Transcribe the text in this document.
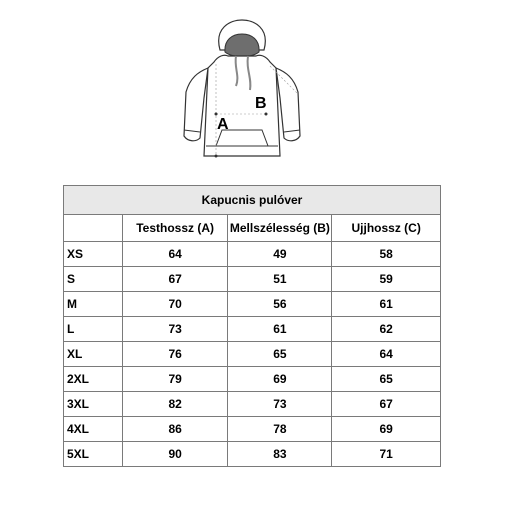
A
B
Kapucnis pulóver			
	Testhossz (A)	Mellszélesség (B)	Ujjhossz (C)
XS	64	49	58
S	67	51	59
M	70	56	61
L	73	61	62
XL	76	65	64
2XL	79	69	65
3XL	82	73	67
4XL	86	78	69
5XL	90	83	71
